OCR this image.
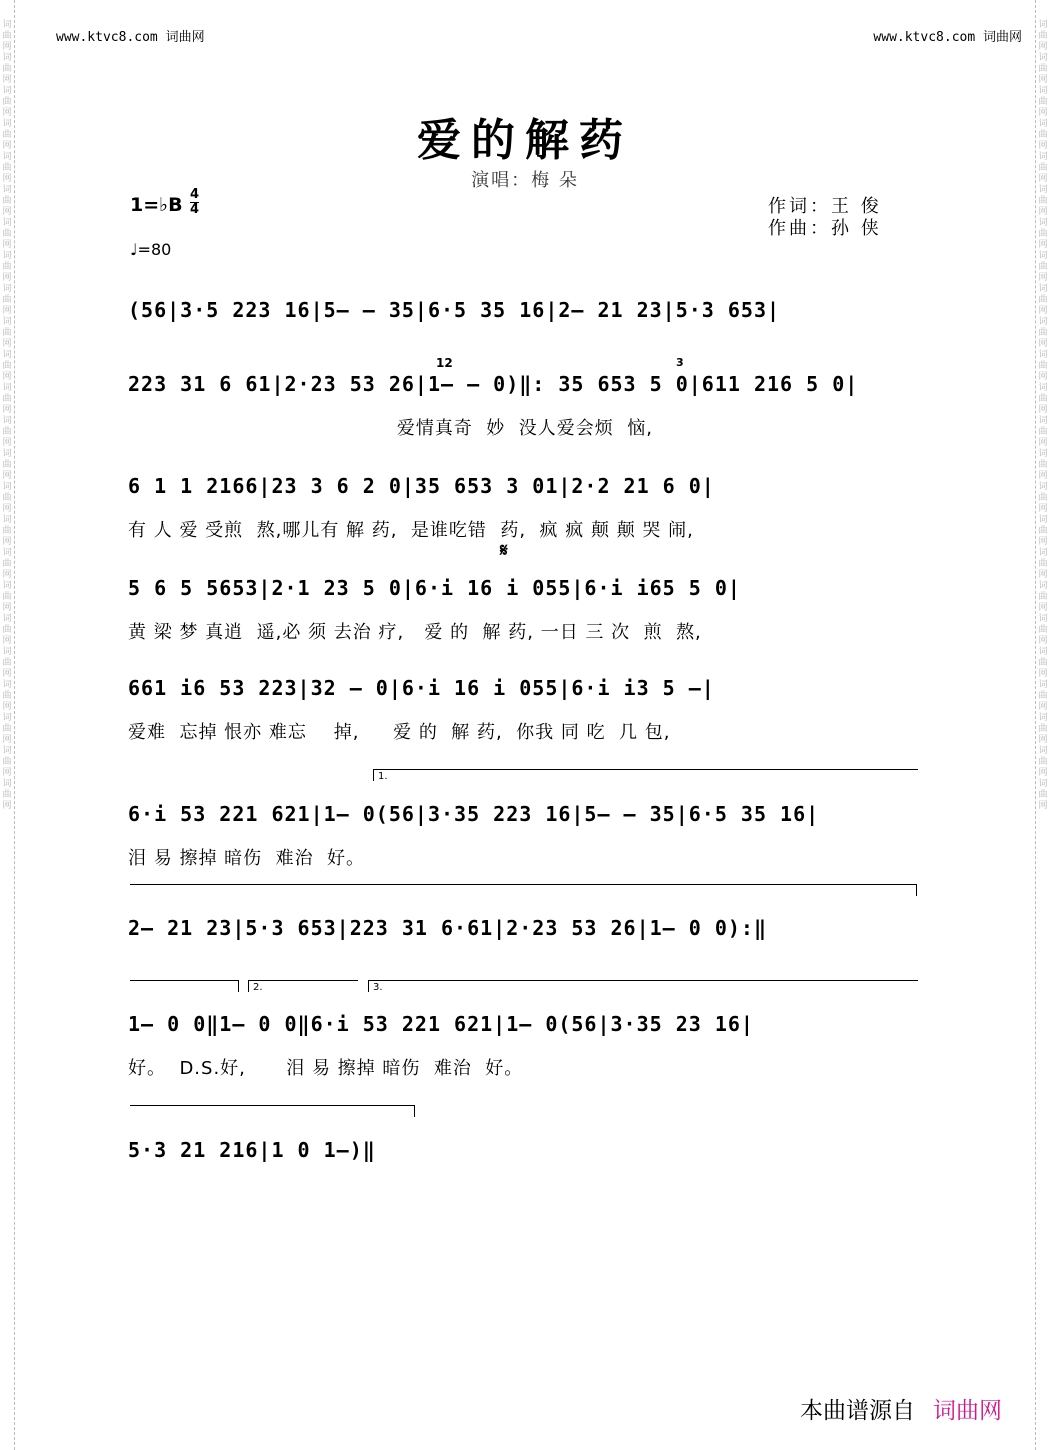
词曲网 词曲网 词曲网 词曲网 词曲网 词曲网 词曲网 词曲网 词曲网 词曲网 词曲网 词曲网 词曲网 词曲网 词曲网 词曲网 词曲网 词曲网 词曲网 词曲网 词曲网 词曲网 词曲网 词曲网
词曲网 词曲网 词曲网 词曲网 词曲网 词曲网 词曲网 词曲网 词曲网 词曲网 词曲网 词曲网 词曲网 词曲网 词曲网 词曲网 词曲网 词曲网 词曲网 词曲网 词曲网 词曲网 词曲网 词曲网
www.ktvc8.com 词曲网	www.ktvc8.com 词曲网
爱的解药
演唱：梅 朵
1=♭B 4
4
♩=80
作词：王 俊
作曲：孙 侠
(56|3·5 223 16|5– – 35|6·5 35 16|2– 21 23|5·3 653|
223 31 6 61|2·23 53 26|1– – 0)‖: 35 653 5 0|611 216 5 0|
爱情真奇  妙  没人爱会烦  恼,
12	3
6 1 1 2166|23 3 6 2 0|35 653 3 01|2·2 21 6 0|
有 人 爱 受煎  熬,哪儿有 解 药,  是谁吃错  药,  疯 疯 颠 颠 哭 闹,
𝄋
5 6 5 5653|2·1 23 5 0|6·i 16 i 055|6·i i65 5 0|
黄 梁 梦 真逍  遥,必 须 去治 疗,   爱 的  解 药, 一日 三 次  煎  熬,
661 i6 53 223|32 – 0|6·i 16 i 055|6·i i3 5 –|
爱难  忘掉 恨亦 难忘    掉,     爱 的  解 药,  你我 同 吃  几 包,
1.
6·i 53 221 621|1– 0(56|3·35 223 16|5– – 35|6·5 35 16|
泪 易 擦掉 暗伤  难治  好。
2– 21 23|5·3 653|223 31 6·61|2·23 53 26|1– 0 0):‖
2.	3.
1– 0 0‖1– 0 0‖6·i 53 221 621|1– 0(56|3·35 23 16|
好。  D.S.好,      泪 易 擦掉 暗伤  难治  好。
5·3 21 216|1 0 1–)‖
本曲谱源自 词曲网
